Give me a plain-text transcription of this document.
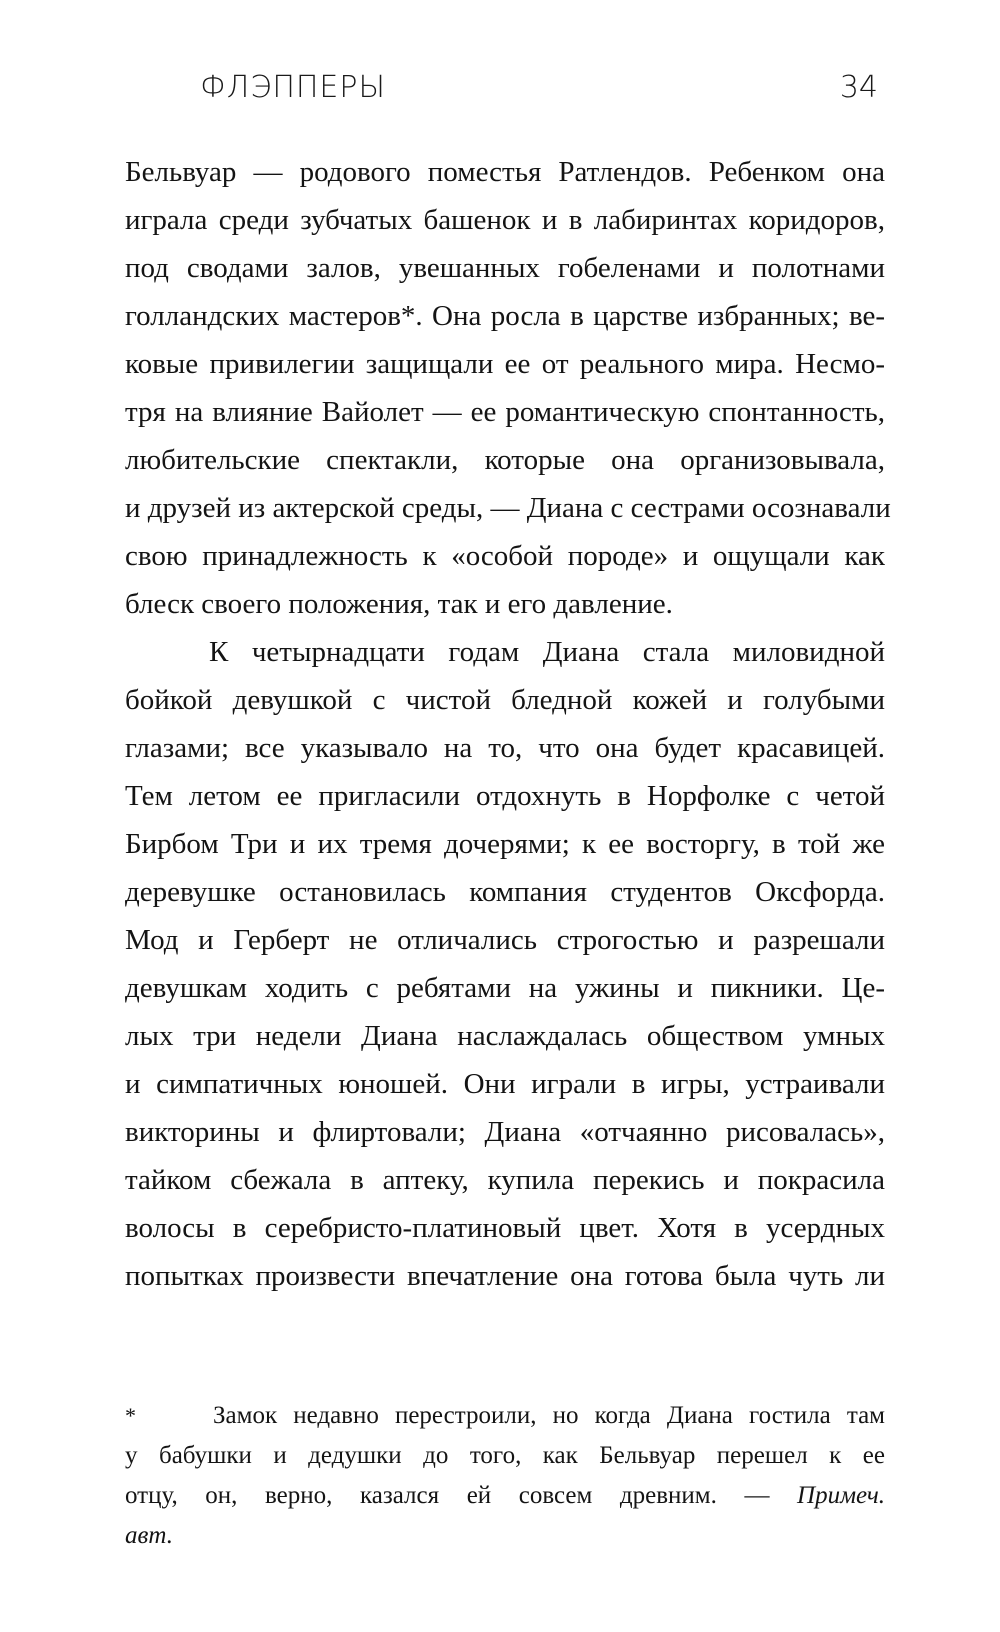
ФЛЭППЕРЫ	34
Бельвуар — родового поместья Ратлендов. Ребенком она
играла среди зубчатых башенок и в лабиринтах коридоров,
под сводами залов, увешанных гобеленами и полотнами
голландских мастеров*. Она росла в царстве избранных; ве-
ковые привилегии защищали ее от реального мира. Несмо-
тря на влияние Вайолет — ее романтическую спонтанность,
любительские спектакли, которые она организовывала,
и друзей из актерской среды, — Диана с сестрами осознавали
свою принадлежность к «особой породе» и ощущали как
блеск своего положения, так и его давление.
К четырнадцати годам Диана стала миловидной
бойкой девушкой с чистой бледной кожей и голубыми
глазами; все указывало на то, что она будет красавицей.
Тем летом ее пригласили отдохнуть в Норфолке с четой
Бирбом Три и их тремя дочерями; к ее восторгу, в той же
деревушке остановилась компания студентов Оксфорда.
Мод и Герберт не отличались строгостью и разрешали
девушкам ходить с ребятами на ужины и пикники. Це-
лых три недели Диана наслаждалась обществом умных
и симпатичных юношей. Они играли в игры, устраивали
викторины и флиртовали; Диана «отчаянно рисовалась»,
тайком сбежала в аптеку, купила перекись и покрасила
волосы в серебристо-платиновый цвет. Хотя в усердных
попытках произвести впечатление она готова была чуть ли
*	Замок недавно перестроили, но когда Диана гостила там
у бабушки и дедушки до того, как Бельвуар перешел к ее
отцу, он, верно, казался ей совсем древним. — Примеч.
авт.
